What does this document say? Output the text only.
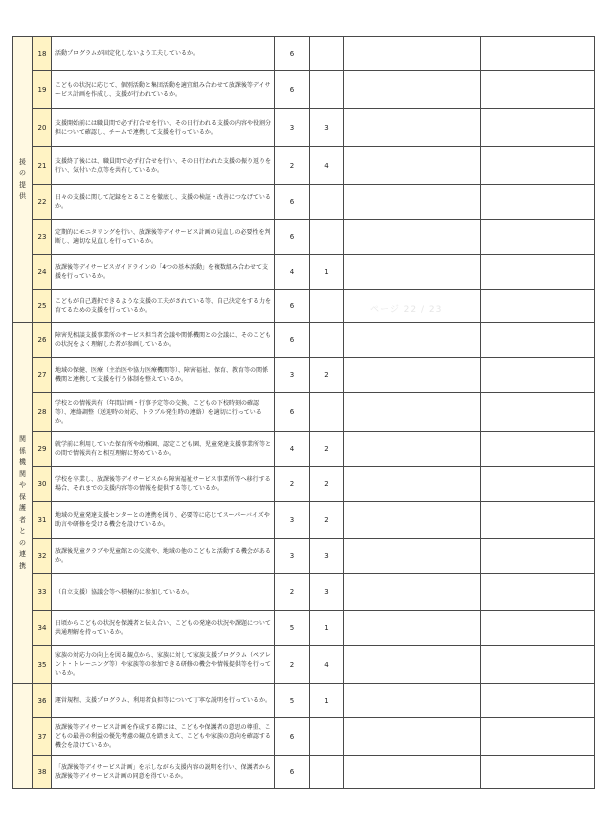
援の提供	18	活動プログラムが固定化しないよう工夫しているか。	6			
	19	こどもの状況に応じて、個別活動と集団活動を適宜組み合わせて放課後等デイサービス計画を作成し、支援が行われているか。	6			
	20	支援開始前には職員間で必ず打合せを行い、その日行われる支援の内容や役割分担について確認し、チームで連携して支援を行っているか。	3	3		
	21	支援終了後には、職員間で必ず打合せを行い、その日行われた支援の振り返りを行い、気付いた点等を共有しているか。	2	4		
	22	日々の支援に関して記録をとることを徹底し、支援の検証・改善につなげているか。	6			
	23	定期的にモニタリングを行い、放課後等デイサービス計画の見直しの必要性を判断し、適切な見直しを行っているか。	6			
	24	放課後等デイサービスガイドラインの「4つの基本活動」を複数組み合わせて支援を行っているか。	4	1		
	25	こどもが自己選択できるような支援の工夫がされている等、自己決定をする力を育てるための支援を行っているか。	6			
関係機関や保護者との連携	26	障害児相談支援事業所のサービス担当者会議や関係機関との会議に、そのこどもの状況をよく理解した者が参画しているか。	6			
	27	地域の保健、医療（主治医や協力医療機関等）、障害福祉、保育、教育等の関係機関と連携して支援を行う体制を整えているか。	3	2		
	28	学校との情報共有（年間計画・行事予定等の交換、こどもの下校時刻の確認等）、連絡調整（送迎時の対応、トラブル発生時の連絡）を適切に行っているか。	6			
	29	就学前に利用していた保育所や幼稚園、認定こども園、児童発達支援事業所等との間で情報共有と相互理解に努めているか。	4	2		
	30	学校を卒業し、放課後等デイサービスから障害福祉サービス事業所等へ移行する場合、それまでの支援内容等の情報を提供する等しているか。	2	2		
	31	地域の児童発達支援センターとの連携を図り、必要等に応じてスーパーバイズや助言や研修を受ける機会を設けているか。	3	2		
	32	放課後児童クラブや児童館との交流や、地域の他のこどもと活動する機会があるか。	3	3		
	33	（自立支援）協議会等へ積極的に参加しているか。	2	3		
	34	日頃からこどもの状況を保護者と伝え合い、こどもの発達の状況や課題について共通理解を持っているか。	5	1		
	35	家族の対応力の向上を図る観点から、家族に対して家族支援プログラム（ペアレント・トレーニング等）や家族等の参加できる研修の機会や情報提供等を行っているか。	2	4		
	36	運営規程、支援プログラム、利用者負担等について丁寧な説明を行っているか。	5	1		
	37	放課後等デイサービス計画を作成する際には、こどもや保護者の意思の尊重、こどもの最善の利益の優先考慮の観点を踏まえて、こどもや家族の意向を確認する機会を設けているか。	6			
	38	「放課後等デイサービス計画」を示しながら支援内容の説明を行い、保護者から放課後等デイサービス計画の同意を得ているか。	6			
ページ 22 / 23
